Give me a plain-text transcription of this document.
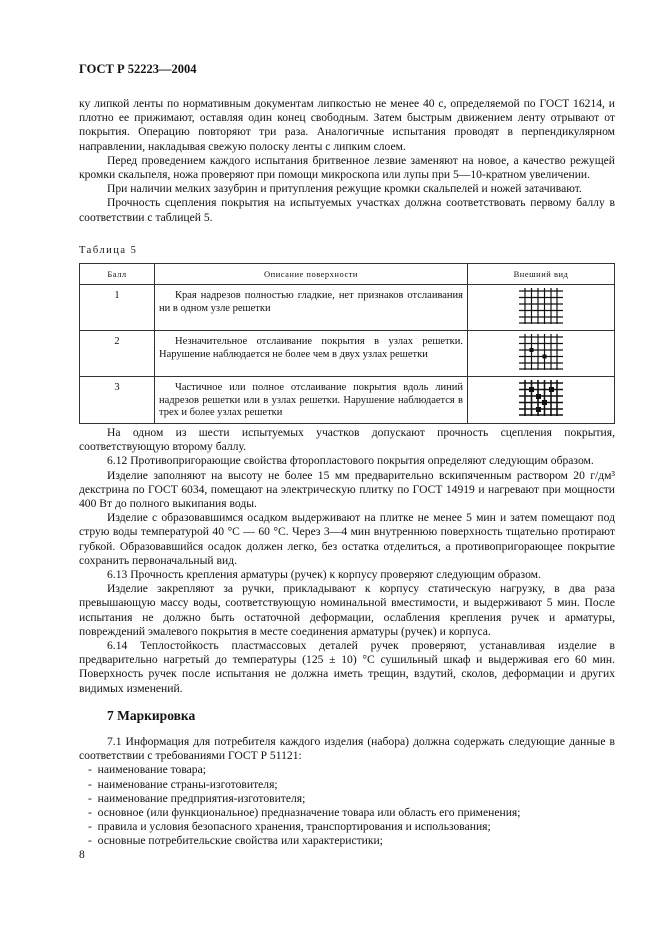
ГОСТ Р 52223—2004

ку липкой ленты по нормативным документам липкостью не менее 40 с, определяемой по ГОСТ 16214, и плотно ее прижимают, оставляя один конец свободным. Затем быстрым движением ленту отрывают от покрытия. Операцию повторяют три раза. Аналогичные испытания проводят в перпендикулярном направлении, накладывая свежую полоску ленты с липким слоем.

Перед проведением каждого испытания бритвенное лезвие заменяют на новое, а качество режущей кромки скальпеля, ножа проверяют при помощи микроскопа или лупы при 5—10-кратном увеличении.

При наличии мелких зазубрин и притупления режущие кромки скальпелей и ножей затачивают.

Прочность сцепления покрытия на испытуемых участках должна соответствовать первому баллу в соответствии с таблицей 5.

Таблица 5
Балл	Описание поверхности	Внешний вид
1	Края надрезов полностью гладкие, нет признаков отслаивания ни в одном узле решетки

2	Незначительное отслаивание покрытия в узлах решетки. Нарушение наблюдается не более чем в двух узлах решетки

3	Частичное или полное отслаивание покрытия вдоль линий надрезов решетки или в узлах решетки. Нарушение наблюдается в трех и более узлах решетки

На одном из шести испытуемых участков допускают прочность сцепления покрытия, соответствующую второму баллу.

6.12 Противопригорающие свойства фторопластового покрытия определяют следующим образом.

Изделие заполняют на высоту не более 15 мм предварительно вскипяченным раствором 20 г/дм³ декстрина по ГОСТ 6034, помещают на электрическую плитку по ГОСТ 14919 и нагревают при мощности 400 Вт до полного выкипания воды.

Изделие с образовавшимся осадком выдерживают на плитке не менее 5 мин и затем помещают под струю воды температурой 40 °С — 60 °С. Через 3—4 мин внутреннюю поверхность тщательно протирают губкой. Образовавшийся осадок должен легко, без остатка отделиться, а противопригорающее покрытие сохранить первоначальный вид.

6.13 Прочность крепления арматуры (ручек) к корпусу проверяют следующим образом.

Изделие закрепляют за ручки, прикладывают к корпусу статическую нагрузку, в два раза превышающую массу воды, соответствующую номинальной вместимости, и выдерживают 5 мин. После испытания не должно быть остаточной деформации, ослабления крепления ручек и арматуры, повреждений эмалевого покрытия в месте соединения арматуры (ручек) и корпуса.

6.14 Теплостойкость пластмассовых деталей ручек проверяют, устанавливая изделие в предварительно нагретый до температуры (125 ± 10) °С сушильный шкаф и выдерживая его 60 мин. Поверхность ручек после испытания не должна иметь трещин, вздутий, сколов, деформации и других видимых изменений.

7 Маркировка

7.1 Информация для потребителя каждого изделия (набора) должна содержать следующие данные в соответствии с требованиями ГОСТ Р 51121:

-  наименование товара;

-  наименование страны-изготовителя;

-  наименование предприятия-изготовителя;

-  основное (или функциональное) предназначение товара или область его применения;

-  правила и условия безопасного хранения, транспортирования и использования;

-  основные потребительские свойства или характеристики;

8
